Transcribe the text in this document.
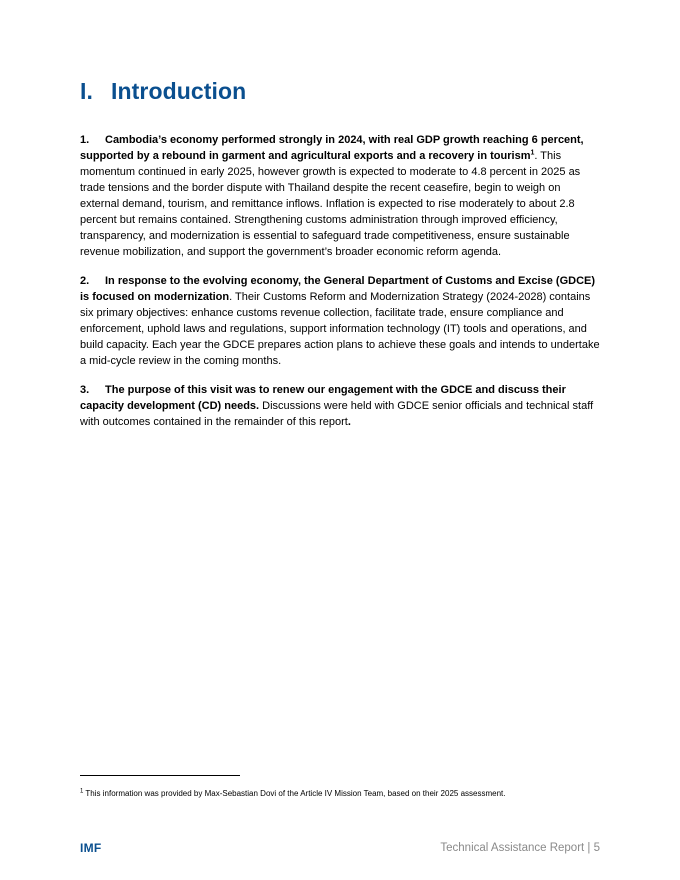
I. Introduction

1. Cambodia’s economy performed strongly in 2024, with real GDP growth reaching 6 percent, supported by a rebound in garment and agricultural exports and a recovery in tourism$^1$. This momentum continued in early 2025, however growth is expected to moderate to 4.8 percent in 2025 as trade tensions and the border dispute with Thailand despite the recent ceasefire, begin to weigh on external demand, tourism, and remittance inflows. Inflation is expected to rise moderately to about 2.8 percent but remains contained. Strengthening customs administration through improved efficiency, transparency, and modernization is essential to safeguard trade competitiveness, ensure sustainable revenue mobilization, and support the government’s broader economic reform agenda.

2. In response to the evolving economy, the General Department of Customs and Excise (GDCE) is focused on modernization. Their Customs Reform and Modernization Strategy (2024-2028) contains six primary objectives: enhance customs revenue collection, facilitate trade, ensure compliance and enforcement, uphold laws and regulations, support information technology (IT) tools and operations, and build capacity. Each year the GDCE prepares action plans to achieve these goals and intends to undertake a mid-cycle review in the coming months.

3. The purpose of this visit was to renew our engagement with the GDCE and discuss their capacity development (CD) needs. Discussions were held with GDCE senior officials and technical staff with outcomes contained in the remainder of this report.

$^1$ This information was provided by Max-Sebastian Dovi of the Article IV Mission Team, based on their 2025 assessment.
IMF	Technical Assistance Report | 5
